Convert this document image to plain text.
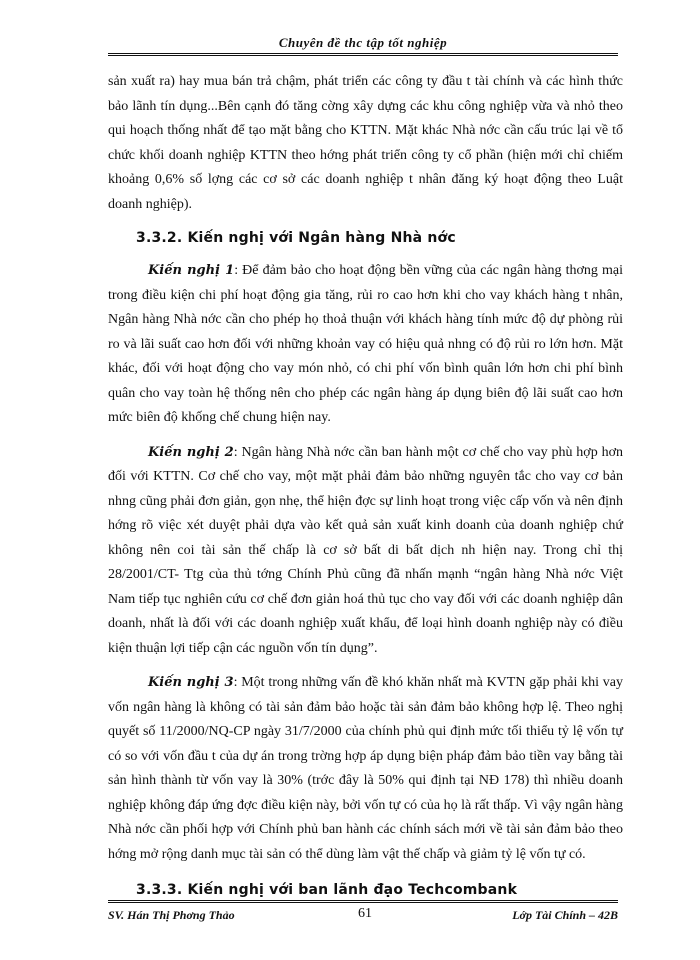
Chuyên đề thc tập tốt nghiệp

sản xuất ra) hay mua bán trả chậm, phát triển các công ty đầu t tài chính và các hình thức bảo lãnh tín dụng...Bên cạnh đó tăng cờng xây dựng các khu công nghiệp vừa và nhỏ theo qui hoạch thống nhất để tạo mặt bằng cho KTTN. Mặt khác Nhà nớc cần cấu trúc lại về tổ chức khối doanh nghiệp KTTN theo hớng phát triển công ty cổ phần (hiện mới chỉ chiếm khoảng 0,6% số lợng các cơ sở các doanh nghiệp t nhân đăng ký hoạt động theo Luật doanh nghiệp).

3.3.2. Kiến nghị với Ngân hàng Nhà nớc

Kiến nghị 1: Để đảm bảo cho hoạt động bền vững của các ngân hàng thơng mại trong điều kiện chi phí hoạt động gia tăng, rủi ro cao hơn khi cho vay khách hàng t nhân, Ngân hàng Nhà nớc cần cho phép họ thoả thuận với khách hàng tính mức độ dự phòng rủi ro và lãi suất cao hơn đối với những khoản vay có hiệu quả nhng có độ rủi ro lớn hơn. Mặt khác, đối với hoạt động cho vay món nhỏ, có chi phí vốn bình quân lớn hơn chi phí bình quân cho vay toàn hệ thống nên cho phép các ngân hàng áp dụng biên độ lãi suất cao hơn mức biên độ khống chế chung hiện nay.

Kiến nghị 2: Ngân hàng Nhà nớc cần ban hành một cơ chế cho vay phù hợp hơn đối với KTTN. Cơ chế cho vay, một mặt phải đảm bảo những nguyên tắc cho vay cơ bản nhng cũng phải đơn giản, gọn nhẹ, thể hiện đợc sự linh hoạt trong việc cấp vốn và nên định hớng rõ việc xét duyệt phải dựa vào kết quả sản xuất kinh doanh của doanh nghiệp chứ không nên coi tài sản thế chấp là cơ sở bất di bất dịch nh hiện nay. Trong chỉ thị 28/2001/CT- Ttg của thủ tớng Chính Phủ cũng đã nhấn mạnh “ngân hàng Nhà nớc Việt Nam tiếp tục nghiên cứu cơ chế đơn giản hoá thủ tục cho vay đối với các doanh nghiệp dân doanh, nhất là đối với các doanh nghiệp xuất khẩu, để loại hình doanh nghiệp này có điều kiện thuận lợi tiếp cận các nguồn vốn tín dụng”.

Kiến nghị 3: Một trong những vấn đề khó khăn nhất mà KVTN gặp phải khi vay vốn ngân hàng là không có tài sản đảm bảo hoặc tài sản đảm bảo không hợp lệ. Theo nghị quyết số 11/2000/NQ-CP ngày 31/7/2000 của chính phủ qui định mức tối thiểu tỷ lệ vốn tự có so với vốn đầu t của dự án trong trờng hợp áp dụng biện pháp đảm bảo tiền vay bằng tài sản hình thành từ vốn vay là 30% (trớc đây là 50% qui định tại NĐ 178) thì nhiều doanh nghiệp không đáp ứng đợc điều kiện này, bởi vốn tự có của họ là rất thấp. Vì vậy ngân hàng Nhà nớc cần phối hợp với Chính phủ ban hành các chính sách mới về tài sản đảm bảo theo hớng mở rộng danh mục tài sản có thể dùng làm vật thế chấp và giảm tỷ lệ vốn tự có.

3.3.3. Kiến nghị với ban lãnh đạo Techcombank
SV. Hán Thị Phơng Thảo	61	Lớp Tài Chính – 42B
